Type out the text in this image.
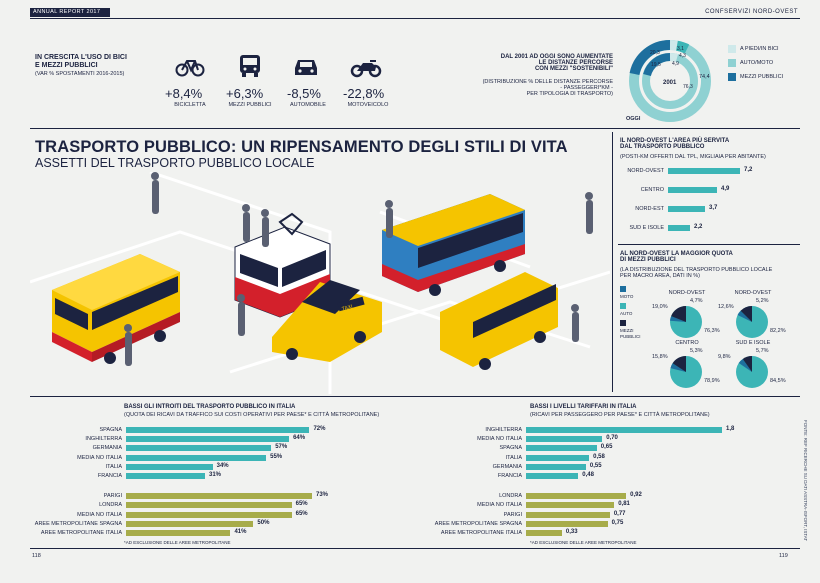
ANNUAL REPORT 2017	CONFSERVIZI NORD-OVEST
IN CRESCITA L'USO DI BICI
E MEZZI PUBBLICI
(VAR % SPOSTAMENTI 2016-2015)
+8,4% +6,3% -8,5% -22,8%
BICICLETTA	MEZZI PUBBLICI	AUTOMOBILE	MOTOVEICOLO
DAL 2001 AD OGGI SONO AUMENTATE
LE DISTANZE PERCORSE
CON MEZZI "SOSTENIBILI"
(DISTRIBUZIONE % DELLE DISTANZE PERCORSE
- PASSEGGERI*KM -
PER TIPOLOGIA DI TRASPORTO)
20,3
3,1
4,3
74,4
4,9
19,5
76,3
2001
OGGI
A PIEDI/IN BICI
AUTO/MOTO
MEZZI PUBBLICI
TRASPORTO PUBBLICO: UN RIPENSAMENTO DEGLI STILI DI VITA
ASSETTI DEL TRASPORTO PUBBLICO LOCALE
TAXI
IL NORD-OVEST L'AREA PIÙ SERVITA
DAL TRASPORTO PUBBLICO
(POSTI-KM OFFERTI DAL TPL, MIGLIAIA PER ABITANTE)
NORD-OVEST	7,2
CENTRO	4,9
NORD-EST	3,7
SUD E ISOLE	2,2
AL NORD-OVEST LA MAGGIOR QUOTA
DI MEZZI PUBBLICI
(LA DISTRIBUZIONE DEL TRASPORTO PUBBLICO LOCALE
PER MACRO AREA, DATI IN %)
MOTO
AUTO
MEZZI PUBBLICI
NORD-OVEST
19,0%
4,7%
76,3%
NORD-OVEST
12,6%
5,2%
82,2%
CENTRO
15,8%
5,3%
78,9%
SUD E ISOLE
9,8%
5,7%
84,5%
BASSI GLI INTROITI DEL TRASPORTO PUBBLICO IN ITALIA
(QUOTA DEI RICAVI DA TRAFFICO SUI COSTI OPERATIVI PER PAESE* E CITTÀ METROPOLITANE)
SPAGNA	72%
INGHILTERRA	64%
GERMANIA	57%
MEDIA NO ITALIA	55%
ITALIA	34%
FRANCIA	31%
PARIGI	73%
LONDRA	65%
MEDIA NO ITALIA	65%
AREE METROPOLITANE SPAGNA	50%
AREE METROPOLITANE ITALIA	41%
*AD ESCLUSIONE DELLE AREE METROPOLITANE
BASSI I LIVELLI TARIFFARI IN ITALIA
(RICAVI PER PASSEGGERO PER PAESE* E CITTÀ METROPOLITANE)
INGHILTERRA	1,8
MEDIA NO ITALIA	0,70
SPAGNA	0,65
ITALIA	0,58
GERMANIA	0,55
FRANCIA	0,48
LONDRA	0,92
MEDIA NO ITALIA	0,81
PARIGI	0,77
AREE METROPOLITANE SPAGNA	0,75
AREE METROPOLITANE ITALIA	0,33
*AD ESCLUSIONE DELLE AREE METROPOLITANE
118	119
FONTE: REF RICERCHE SU DATI ASSTRA-ISFORT, ISTAT
